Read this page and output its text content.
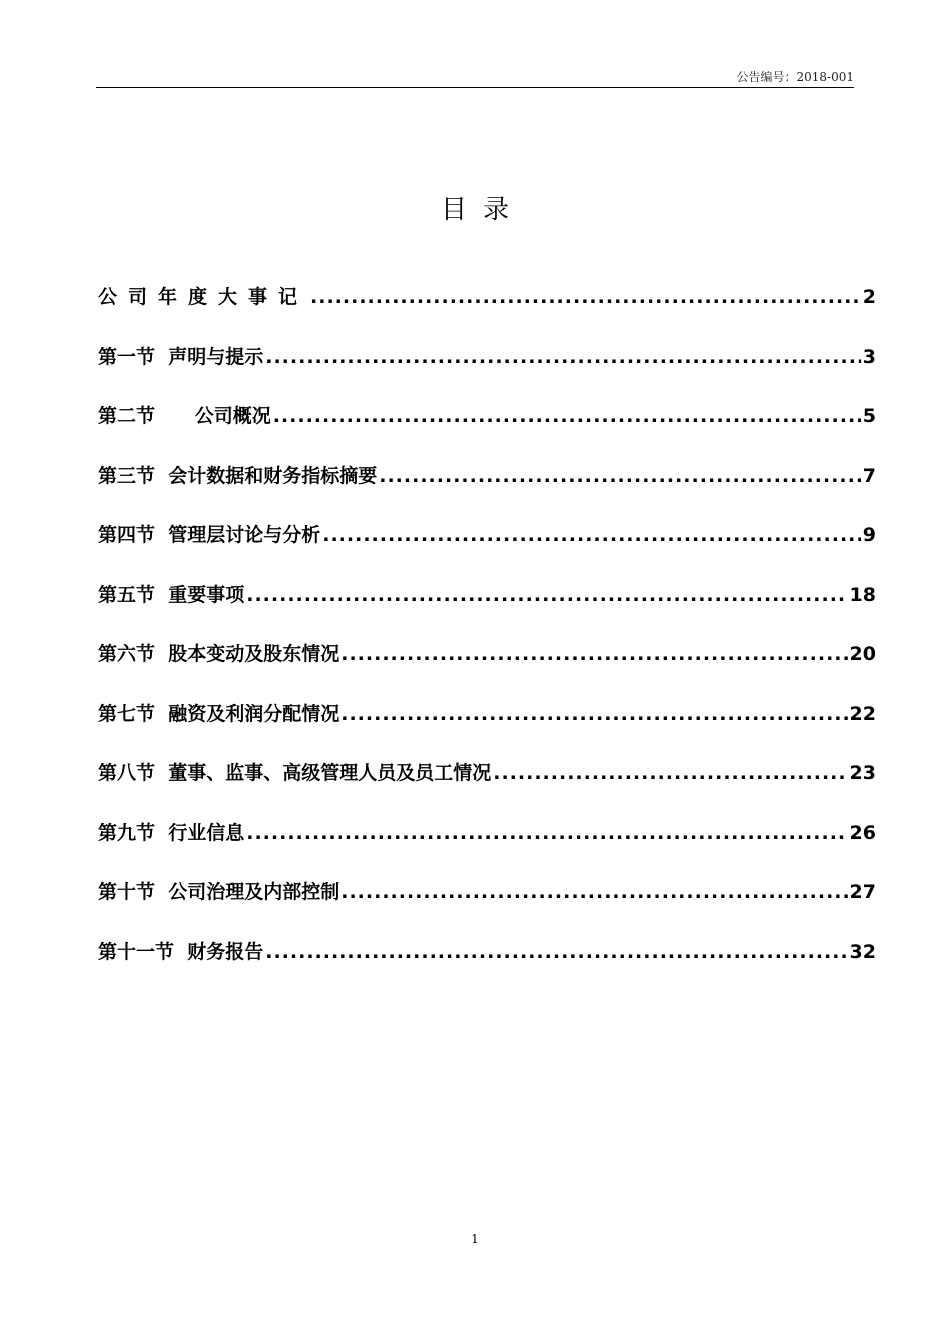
公告编号：2018-001
目录
公司年度大事记 .....	2
第一节  声明与提示 .....	3
第二节      公司概况 .....	5
第三节  会计数据和财务指标摘要 .....	7
第四节  管理层讨论与分析 .....	9
第五节  重要事项 .....	18
第六节  股本变动及股东情况 .....	20
第七节  融资及利润分配情况 .....	22
第八节  董事、监事、高级管理人员及员工情况 .....	23
第九节  行业信息 .....	26
第十节  公司治理及内部控制 .....	27
第十一节  财务报告 .....	32
1
